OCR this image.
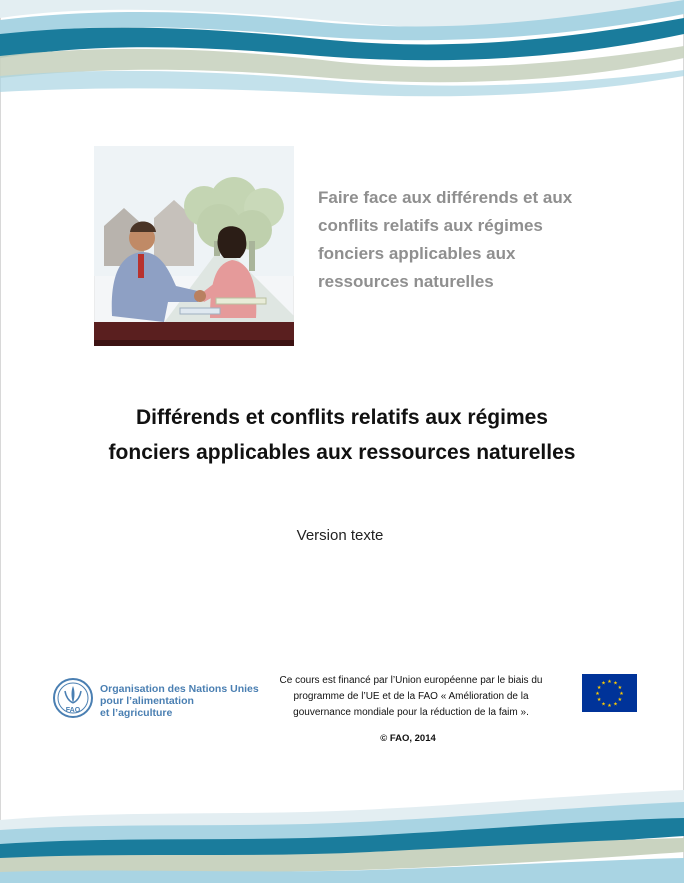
Faire face aux différends et aux
conflits relatifs aux régimes
fonciers applicables aux
ressources naturelles
Différends et conflits relatifs aux régimes
fonciers applicables aux ressources naturelles
Version texte
FAO
Organisation des Nations Unies
pour l’alimentation
et l’agriculture
Ce cours est financé par l’Union européenne par le biais du
programme de l’UE et de la FAO « Amélioration de la
gouvernance mondiale pour la réduction de la faim ».
© FAO, 2014
★ ★
★
★
★
★
★
★
★
★
★
★
